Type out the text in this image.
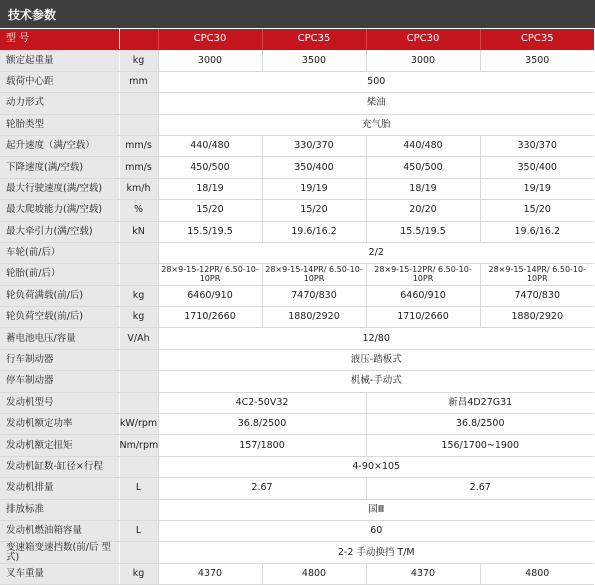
技术参数
型 号		CPC30	CPC35	CPC30	CPC35
额定起重量	kg	3000	3500	3000	3500
载荷中心距	mm	500			
动力形式		柴油			
轮胎类型		充气胎			
起升速度（满/空载）	mm/s	440/480	330/370	440/480	330/370
下降速度(满/空载)	mm/s	450/500	350/400	450/500	350/400
最大行驶速度(满/空载)	km/h	18/19	19/19	18/19	19/19
最大爬坡能力(满/空载)	%	15/20	15/20	20/20	15/20
最大牵引力(满/空载)	kN	15.5/19.5	19.6/16.2	15.5/19.5	19.6/16.2
车轮(前/后）		2/2			
轮胎(前/后）		28×9-15-12PR/ 6.50-10-10PR	28×9-15-14PR/ 6.50-10-10PR	28×9-15-12PR/ 6.50-10-10PR	28×9-15-14PR/ 6.50-10-10PR
轮负荷满载(前/后)	kg	6460/910	7470/830	6460/910	7470/830
轮负荷空载(前/后)	kg	1710/2660	1880/2920	1710/2660	1880/2920
蓄电池电压/容量	V/Ah	12/80			
行车制动器		液压-踏板式			
停车制动器		机械-手动式			
发动机型号		4C2-50V32		新昌4D27G31	
发动机额定功率	kW/rpm	36.8/2500		36.8/2500	
发动机额定扭矩	Nm/rpm	157/1800		156/1700~1900	
发动机缸数-缸径×行程		4-90×105			
发动机排量	L	2.67		2.67	
排放标准		国Ⅲ			
发动机燃油箱容量	L	60			
变速箱变速挡数(前/后 型式)		2-2 手动换挡 T/M			
叉车重量	kg	4370	4800	4370	4800
